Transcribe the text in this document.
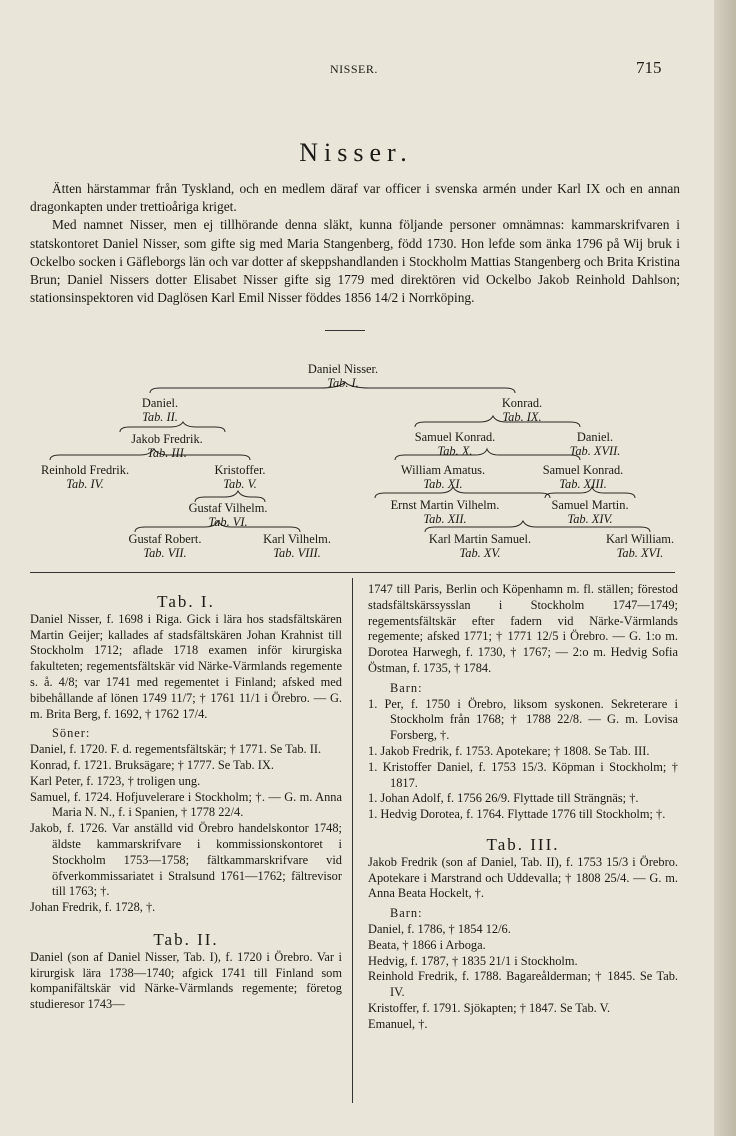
NISSER.	715
Nisser.

Ätten härstammar från Tyskland, och en medlem däraf var officer i svenska armén under Karl IX och en annan dragonkapten under trettioåriga kriget.

Med namnet Nisser, men ej tillhörande denna släkt, kunna följande personer omnämnas: kammarskrifvaren i statskontoret Daniel Nisser, som gifte sig med Maria Stangenberg, född 1730. Hon lefde som änka 1796 på Wij bruk i Ockelbo socken i Gäfleborgs län och var dotter af skeppshandlanden i Stockholm Mattias Stangenberg och Brita Kristina Brun; Daniel Nissers dotter Elisabet Nisser gifte sig 1779 med direktören vid Ockelbo Jakob Reinhold Dahlson; stationsinspektoren vid Daglösen Karl Emil Nisser föddes 1856 14/2 i Norrköping.

Daniel Nisser.
Tab. I.
Daniel.
Tab. II.
Konrad.
Tab. IX.
Jakob Fredrik.
Tab. III.
Samuel Konrad.
Tab. X.
Daniel.
Tab. XVII.
Reinhold Fredrik.
Tab. IV.
Kristoffer.
Tab. V.
William Amatus.
Tab. XI.
Samuel Konrad.
Tab. XIII.
Gustaf Vilhelm.
Tab. VI.
Ernst Martin Vilhelm.
Tab. XII.
Samuel Martin.
Tab. XIV.
Gustaf Robert.
Tab. VII.
Karl Vilhelm.
Tab. VIII.
Karl Martin Samuel.
Tab. XV.
Karl William.
Tab. XVI.
Tab. I.

Daniel Nisser, f. 1698 i Riga. Gick i lära hos stadsfältskären Martin Geijer; kallades af stadsfältskären Johan Krahnist till Stockholm 1712; aflade 1718 examen inför kirurgiska fakulteten; regementsfältskär vid Närke-Värmlands regemente s. å. 4/8; var 1741 med regementet i Finland; afsked med bibehållande af lönen 1749 11/7; † 1761 11/1 i Örebro. — G. m. Brita Berg, f. 1692, † 1762 17/4.

Söner:

Daniel, f. 1720. F. d. regementsfältskär; † 1771. Se Tab. II.

Konrad, f. 1721. Bruksägare; † 1777. Se Tab. IX.

Karl Peter, f. 1723, † troligen ung.

Samuel, f. 1724. Hofjuvelerare i Stockholm; †. — G. m. Anna Maria N. N., f. i Spanien, † 1778 22/4.

Jakob, f. 1726. Var anställd vid Örebro handelskontor 1748; äldste kammarskrifvare i kommissionskontoret i Stockholm 1753—1758; fältkammarskrifvare vid öfverkommissariatet i Stralsund 1761—1762; fältrevisor till 1763; †.

Johan Fredrik, f. 1728, †.

Tab. II.

Daniel (son af Daniel Nisser, Tab. I), f. 1720 i Örebro. Var i kirurgisk lära 1738—1740; afgick 1741 till Finland som kompanifältskär vid Närke-Värmlands regemente; företog studieresor 1743—

1747 till Paris, Berlin och Köpenhamn m. fl. ställen; förestod stadsfältskärssysslan i Stockholm 1747—1749; regementsfältskär efter fadern vid Närke-Värmlands regemente; afsked 1771; † 1771 12/5 i Örebro. — G. 1:o m. Dorotea Harwegh, f. 1730, † 1767; — 2:o m. Hedvig Sofia Östman, f. 1735, † 1784.

Barn:

1. Per, f. 1750 i Örebro, liksom syskonen. Sekreterare i Stockholm från 1768; † 1788 22/8. — G. m. Lovisa Forsberg, †.

1. Jakob Fredrik, f. 1753. Apotekare; † 1808. Se Tab. III.

1. Kristoffer Daniel, f. 1753 15/3. Köpman i Stockholm; † 1817.

1. Johan Adolf, f. 1756 26/9. Flyttade till Strängnäs; †.

1. Hedvig Dorotea, f. 1764. Flyttade 1776 till Stockholm; †.

Tab. III.

Jakob Fredrik (son af Daniel, Tab. II), f. 1753 15/3 i Örebro. Apotekare i Marstrand och Uddevalla; † 1808 25/4. — G. m. Anna Beata Hockelt, †.

Barn:

Daniel, f. 1786, † 1854 12/6.

Beata, † 1866 i Arboga.

Hedvig, f. 1787, † 1835 21/1 i Stockholm.

Reinhold Fredrik, f. 1788. Bagareålderman; † 1845. Se Tab. IV.

Kristoffer, f. 1791. Sjökapten; † 1847. Se Tab. V.

Emanuel, †.
